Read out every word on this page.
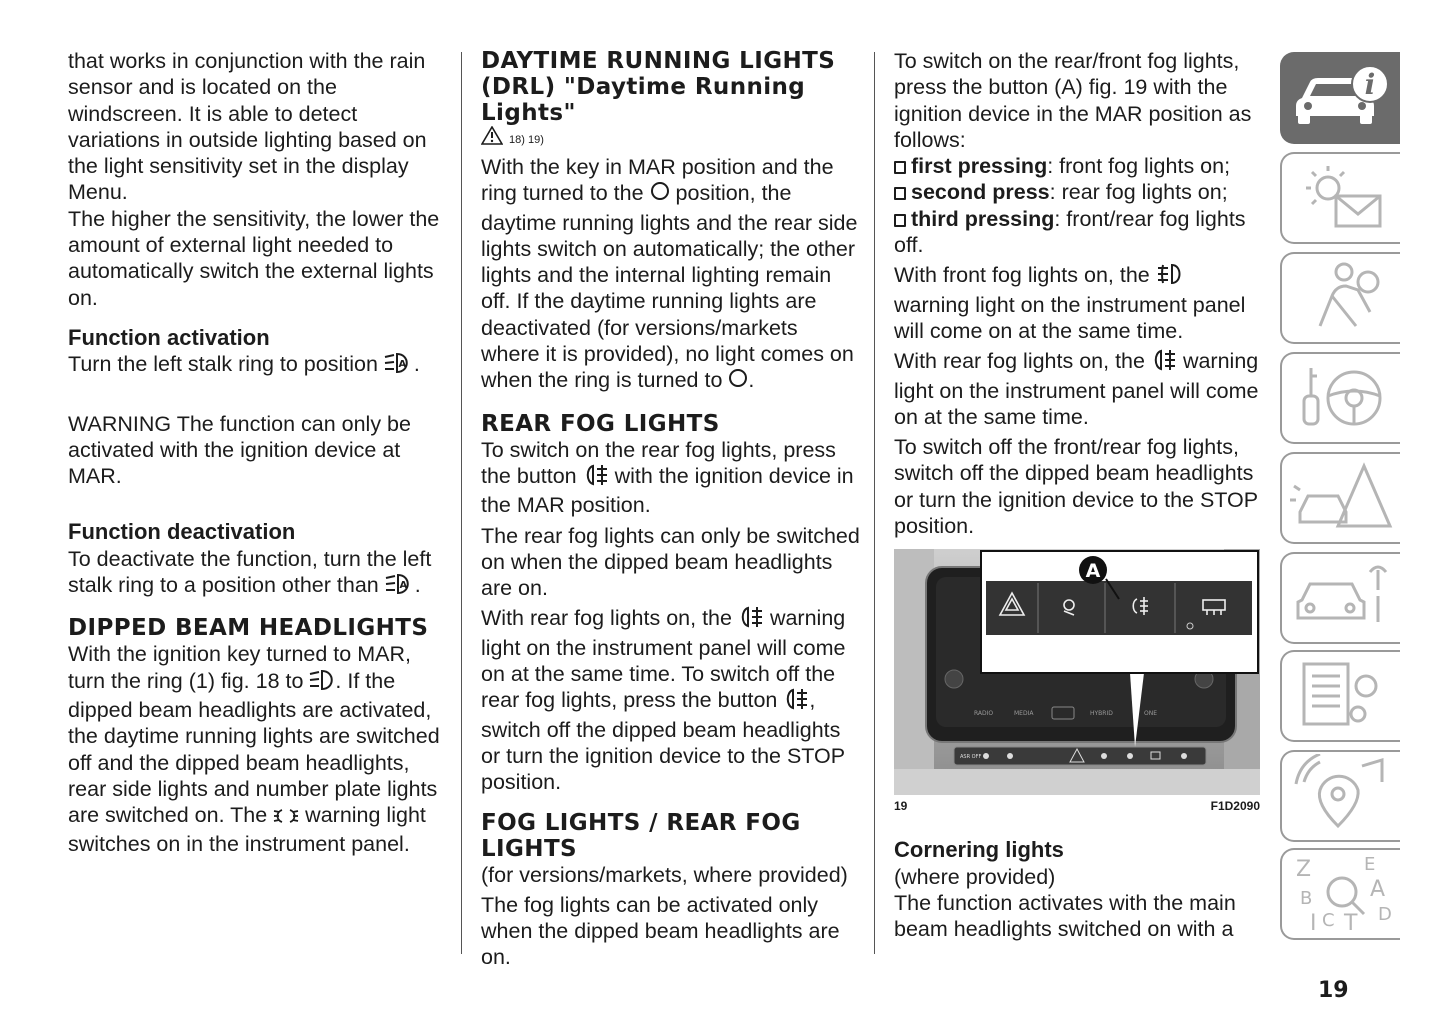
that works in conjunction with the rain sensor and is located on the windscreen. It is able to detect variations in outside lighting based on the light sensitivity set in the display Menu.

The higher the sensitivity, the lower the amount of external light needed to automatically switch the external lights on.

Function activation

Turn the left stalk ring to position A .

WARNING The function can only be activated with the ignition device at MAR.

Function deactivation

To deactivate the function, turn the left stalk ring to a position other than A .

DIPPED BEAM HEADLIGHTS

With the ignition key turned to MAR, turn the ring (1) fig. 18 to . If the dipped beam headlights are activated, the daytime running lights are switched off and the dipped beam headlights, rear side lights and number plate lights are switched on. The warning light switches on in the instrument panel.

DAYTIME RUNNING LIGHTS (DRL) "Daytime Running Lights"
18) 19)

With the key in MAR position and the ring turned to the position, the daytime running lights and the rear side lights switch on automatically; the other lights and the internal lighting remain off. If the daytime running lights are deactivated (for versions/markets where it is provided), no light comes on when the ring is turned to .

REAR FOG LIGHTS

To switch on the rear fog lights, press the button with the ignition device in the MAR position.

The rear fog lights can only be switched on when the dipped beam headlights are on.

With rear fog lights on, the warning light on the instrument panel will come on at the same time. To switch off the rear fog lights, press the button , switch off the dipped beam headlights or turn the ignition device to the STOP position.

FOG LIGHTS / REAR FOG LIGHTS

(for versions/markets, where provided)

The fog lights can be activated only when the dipped beam headlights are on.

To switch on the rear/front fog lights, press the button (A) fig. 19 with the ignition device in the MAR position as follows:

first pressing: front fog lights on;

second press: rear fog lights on;

third pressing: front/rear fog lights off.

With front fog lights on, the  warning light on the instrument panel will come on at the same time.

With rear fog lights on, the warning light on the instrument panel will come on at the same time.

To switch off the front/rear fog lights, switch off the dipped beam headlights or turn the ignition device to the STOP position.

RADIO	MEDIA	HYBRID	ONE
ASR OFF
A
19	F1D2090

Cornering lights

(where provided)

The function activates with the main beam headlights switched on with a

i
Z	E
B	A
C T D
I
19
